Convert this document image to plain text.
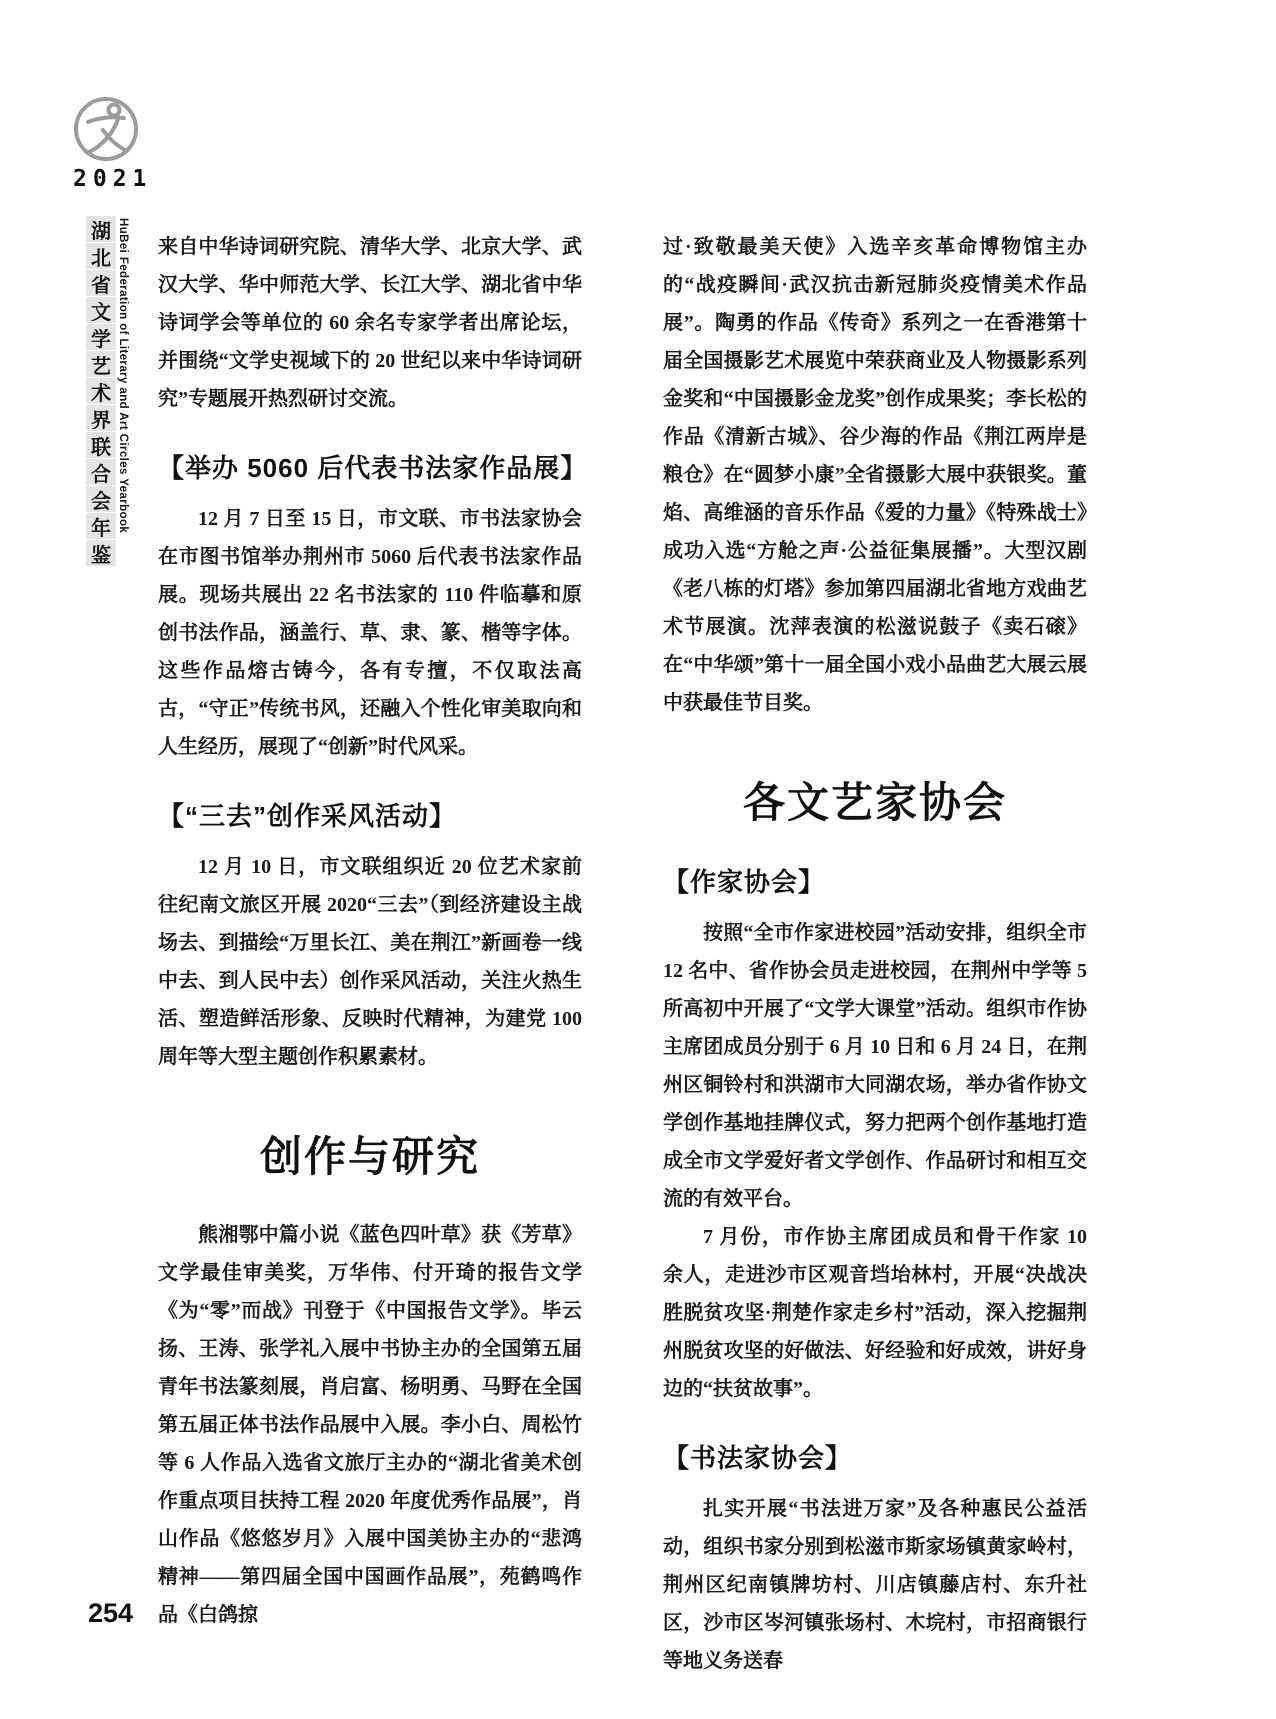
2021
湖
北
省
文
学
艺
术
界
联
合
会
年
鉴
HuBei Federation of Literary and Art Circles Yearbook 来自中华诗词研究院、清华大学、北京大学、武汉大学、华中师范大学、长江大学、湖北省中华诗词学会等单位的 60 余名专家学者出席论坛，并围绕“文学史视域下的 20 世纪以来中华诗词研究”专题展开热烈研讨交流。

【举办 5060 后代表书法家作品展】

12 月 7 日至 15 日，市文联、市书法家协会在市图书馆举办荆州市 5060 后代表书法家作品展。现场共展出 22 名书法家的 110 件临摹和原创书法作品，涵盖行、草、隶、篆、楷等字体。这些作品熔古铸今，各有专擅，不仅取法高古，“守正”传统书风，还融入个性化审美取向和人生经历，展现了“创新”时代风采。

【“三去”创作采风活动】

12 月 10 日，市文联组织近 20 位艺术家前往纪南文旅区开展 2020“三去”（到经济建设主战场去、到描绘“万里长江、美在荆江”新画卷一线中去、到人民中去）创作采风活动，关注火热生活、塑造鲜活形象、反映时代精神，为建党 100 周年等大型主题创作积累素材。

创作与研究

熊湘鄂中篇小说《蓝色四叶草》获《芳草》文学最佳审美奖，万华伟、付开琦的报告文学《为“零”而战》刊登于《中国报告文学》。毕云扬、王涛、张学礼入展中书协主办的全国第五届青年书法篆刻展，肖启富、杨明勇、马野在全国第五届正体书法作品展中入展。李小白、周松竹等 6 人作品入选省文旅厅主办的“湖北省美术创作重点项目扶持工程 2020 年度优秀作品展”，肖山作品《悠悠岁月》入展中国美协主办的“悲鸿精神——第四届全国中国画作品展”，苑鹤鸣作品《白鸽掠

过·致敬最美天使》入选辛亥革命博物馆主办的“战疫瞬间·武汉抗击新冠肺炎疫情美术作品展”。陶勇的作品《传奇》系列之一在香港第十届全国摄影艺术展览中荣获商业及人物摄影系列金奖和“中国摄影金龙奖”创作成果奖；李长松的作品《清新古城》、谷少海的作品《荆江两岸是粮仓》在“圆梦小康”全省摄影大展中获银奖。董焰、高维涵的音乐作品《爱的力量》《特殊战士》成功入选“方舱之声·公益征集展播”。大型汉剧《老八栋的灯塔》参加第四届湖北省地方戏曲艺术节展演。沈萍表演的松滋说鼓子《卖石磙》在“中华颂”第十一届全国小戏小品曲艺大展云展中获最佳节目奖。

各文艺家协会
【作家协会】

按照“全市作家进校园”活动安排，组织全市 12 名中、省作协会员走进校园，在荆州中学等 5 所高初中开展了“文学大课堂”活动。组织市作协主席团成员分别于 6 月 10 日和 6 月 24 日，在荆州区铜铃村和洪湖市大同湖农场，举办省作协文学创作基地挂牌仪式，努力把两个创作基地打造成全市文学爱好者文学创作、作品研讨和相互交流的有效平台。

7 月份，市作协主席团成员和骨干作家 10 余人，走进沙市区观音垱坮林村，开展“决战决胜脱贫攻坚·荆楚作家走乡村”活动，深入挖掘荆州脱贫攻坚的好做法、好经验和好成效，讲好身边的“扶贫故事”。

【书法家协会】

扎实开展“书法进万家”及各种惠民公益活动，组织书家分别到松滋市斯家场镇黄家岭村，荆州区纪南镇牌坊村、川店镇藤店村、东升社区，沙市区岑河镇张场村、木垸村，市招商银行等地义务送春

254
